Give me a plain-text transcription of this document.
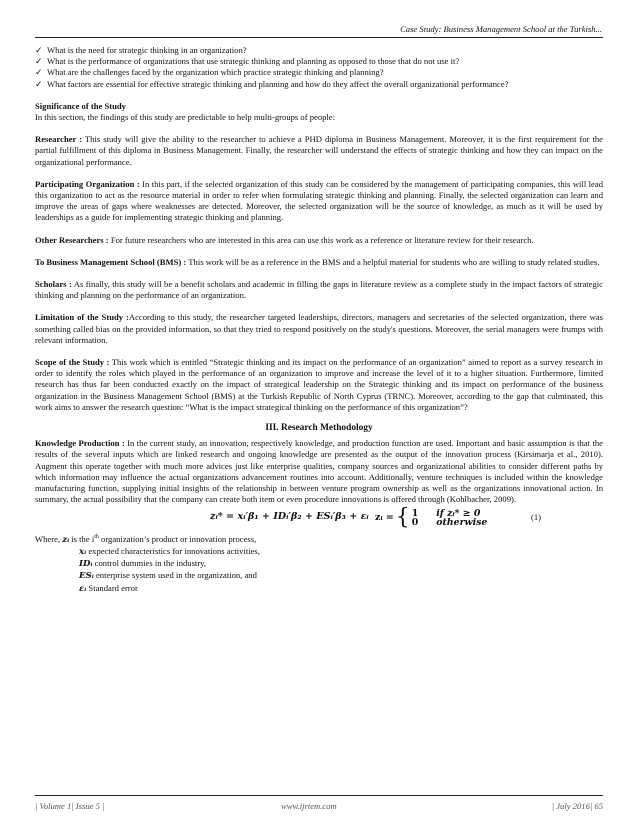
Case Study: Business Management School at the Turkish...
✓ What is the need for strategic thinking in an organization?
✓ What is the performance of organizations that use strategic thinking and planning as opposed to those that do not use it?
✓ What are the challenges faced by the organization which practice strategic thinking and planning?
✓ What factors are essential for effective strategic thinking and planning and how do they affect the overall organizational performance?

Significance of the Study

In this section, the findings of this study are predictable to help multi-groups of people:

Researcher : This study will give the ability to the researcher to achieve a PHD diploma in Business Management. Moreover, it is the first requirement for the partial fulfillment of this diploma in Business Management. Finally, the researcher will understand the effects of strategic thinking and how they can impact on the organizational performance.

Participating Organization : In this part, if the selected organization of this study can be considered by the management of participating companies, this will lead this organization to act as the resource material in order to refer when formulating strategic thinking and planning. Finally, the selected organization can learn and improve the areas of gaps where weaknesses are detected. Moreover, the selected organization will be the source of knowledge, as much as it will be used by leaderships as a guide for implementing strategic thinking and planning.

Other Researchers : For future researchers who are interested in this area can use this work as a reference or literature review for their research.

To Business Management School (BMS) : This work will be as a reference in the BMS and a helpful material for students who are willing to study related studies.

Scholars : As finally, this study will be a benefit scholars and academic in filling the gaps in literature review as a complete study in the impact factors of strategic thinking and planning on the performance of an organization.

Limitation of the Study :According to this study, the researcher targeted leaderships, directors, managers and secretaries of the selected organization, there was something called bias on the provided information, so that they tried to respond positively on the study's questions. Moreover, the serial managers were frumps with relevant information.

Scope of the Study : This work which is entitled “Strategic thinking and its impact on the performance of an organization” aimed to report as a survey research in order to identify the roles which played in the performance of an organization to improve and increase the level of it to a higher situation. Furthermore, limited research has thus far been conducted exactly on the impact of strategical leadership on the Strategic thinking and its impact on performance of the business organization in the Business Management School (BMS) at the Turkish Republic of North Cyprus (TRNC). Moreover, according to the gap that culminated, this work aims to answer the research question: “What is the impact strategical thinking on the performance of this organization”?

III. Research Methodology

Knowledge Production : In the current study, an innovation, respectively knowledge, and production function are used. Important and basic assumption is that the results of the several inputs which are linked research and ongoing knowledge are presented as the output of the innovation process (Kirsimarja et al., 2010). Augment this operate together with much more advices just like enterprise qualities, company sources and organizational abilities to consider different paths by which information may influence the actual organizations advancement routines into account. Additionally, venture techniques is included within the knowledge manufacturing function, supplying initial insights of the relationship in between venture program ownership as well as the organizations innovational action. In summary, the actual possibility that the company can create both item or even procedure innovations is offered through (Kohlbacher, 2009).

zᵢ* = xᵢ′β₁ + IDᵢ′β₂ + ESᵢ′β₃ + εᵢ zᵢ = { 1 if zᵢ* ≥ 0
0 otherwise	(1)
Where, zᵢ is the $i^{th}$ organization’s product or innovation process,
xᵢ expected characteristics for innovations activities,
IDᵢ control dummies in the industry,
ESᵢ enterprise system used in the organization, and
εᵢ Standard error
| Volume 1| Issue 5 |	www.ijrtem.com	| July 2016| 65
